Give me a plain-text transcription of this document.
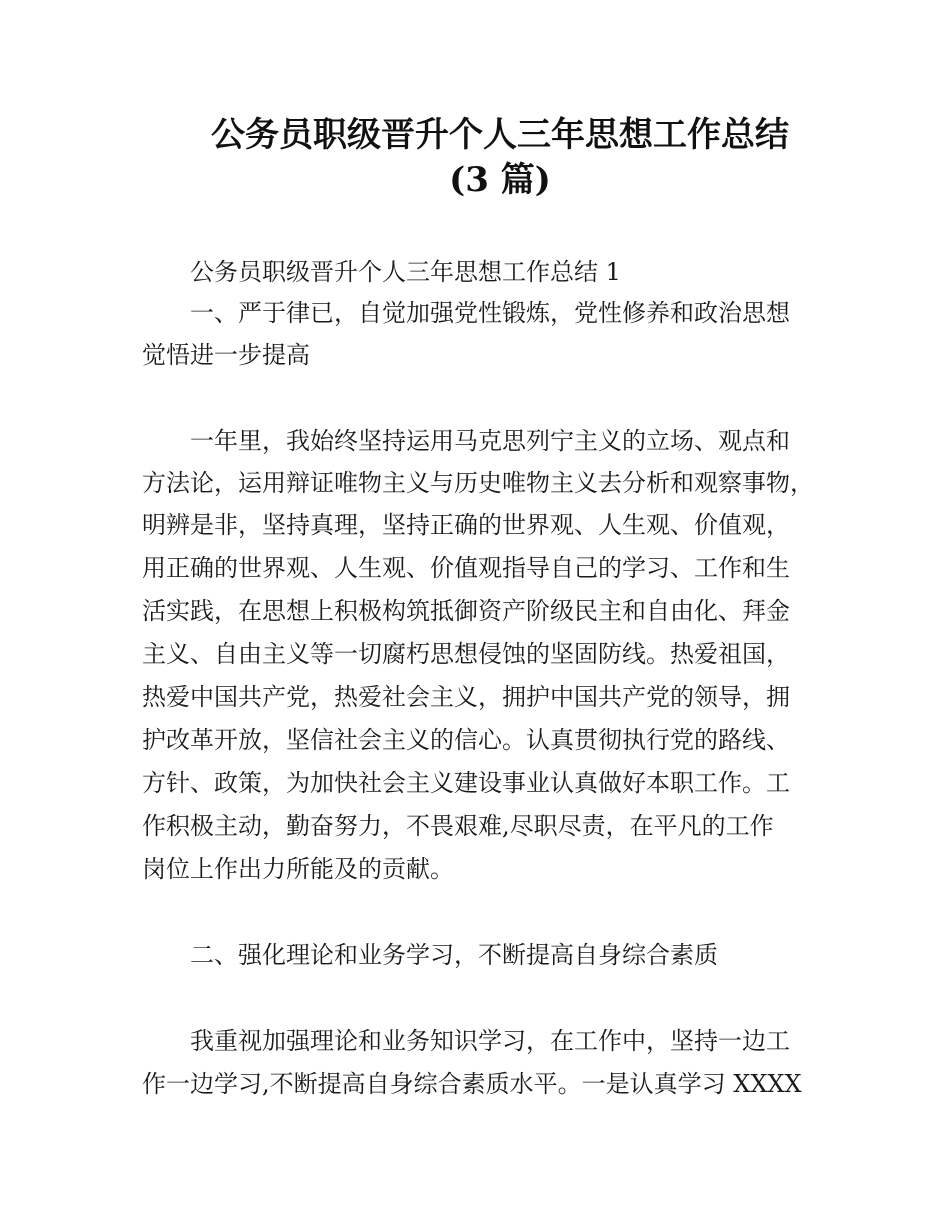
公务员职级晋升个人三年思想工作总结
(3 篇)
公务员职级晋升个人三年思想工作总结 1
一、严于律已，自觉加强党性锻炼，党性修养和政治思想
觉悟进一步提高
一年里，我始终坚持运用马克思列宁主义的立场、观点和
方法论，运用辩证唯物主义与历史唯物主义去分析和观察事物，
明辨是非，坚持真理，坚持正确的世界观、人生观、价值观，
用正确的世界观、人生观、价值观指导自己的学习、工作和生
活实践，在思想上积极构筑抵御资产阶级民主和自由化、拜金
主义、自由主义等一切腐朽思想侵蚀的坚固防线。热爱祖国，
热爱中国共产党，热爱社会主义，拥护中国共产党的领导，拥
护改革开放，坚信社会主义的信心。认真贯彻执行党的路线、
方针、政策，为加快社会主义建设事业认真做好本职工作。工
作积极主动，勤奋努力，不畏艰难,尽职尽责，在平凡的工作
岗位上作出力所能及的贡献。
二、强化理论和业务学习，不断提高自身综合素质
我重视加强理论和业务知识学习，在工作中，坚持一边工
作一边学习,不断提高自身综合素质水平。一是认真学习 XXXX
